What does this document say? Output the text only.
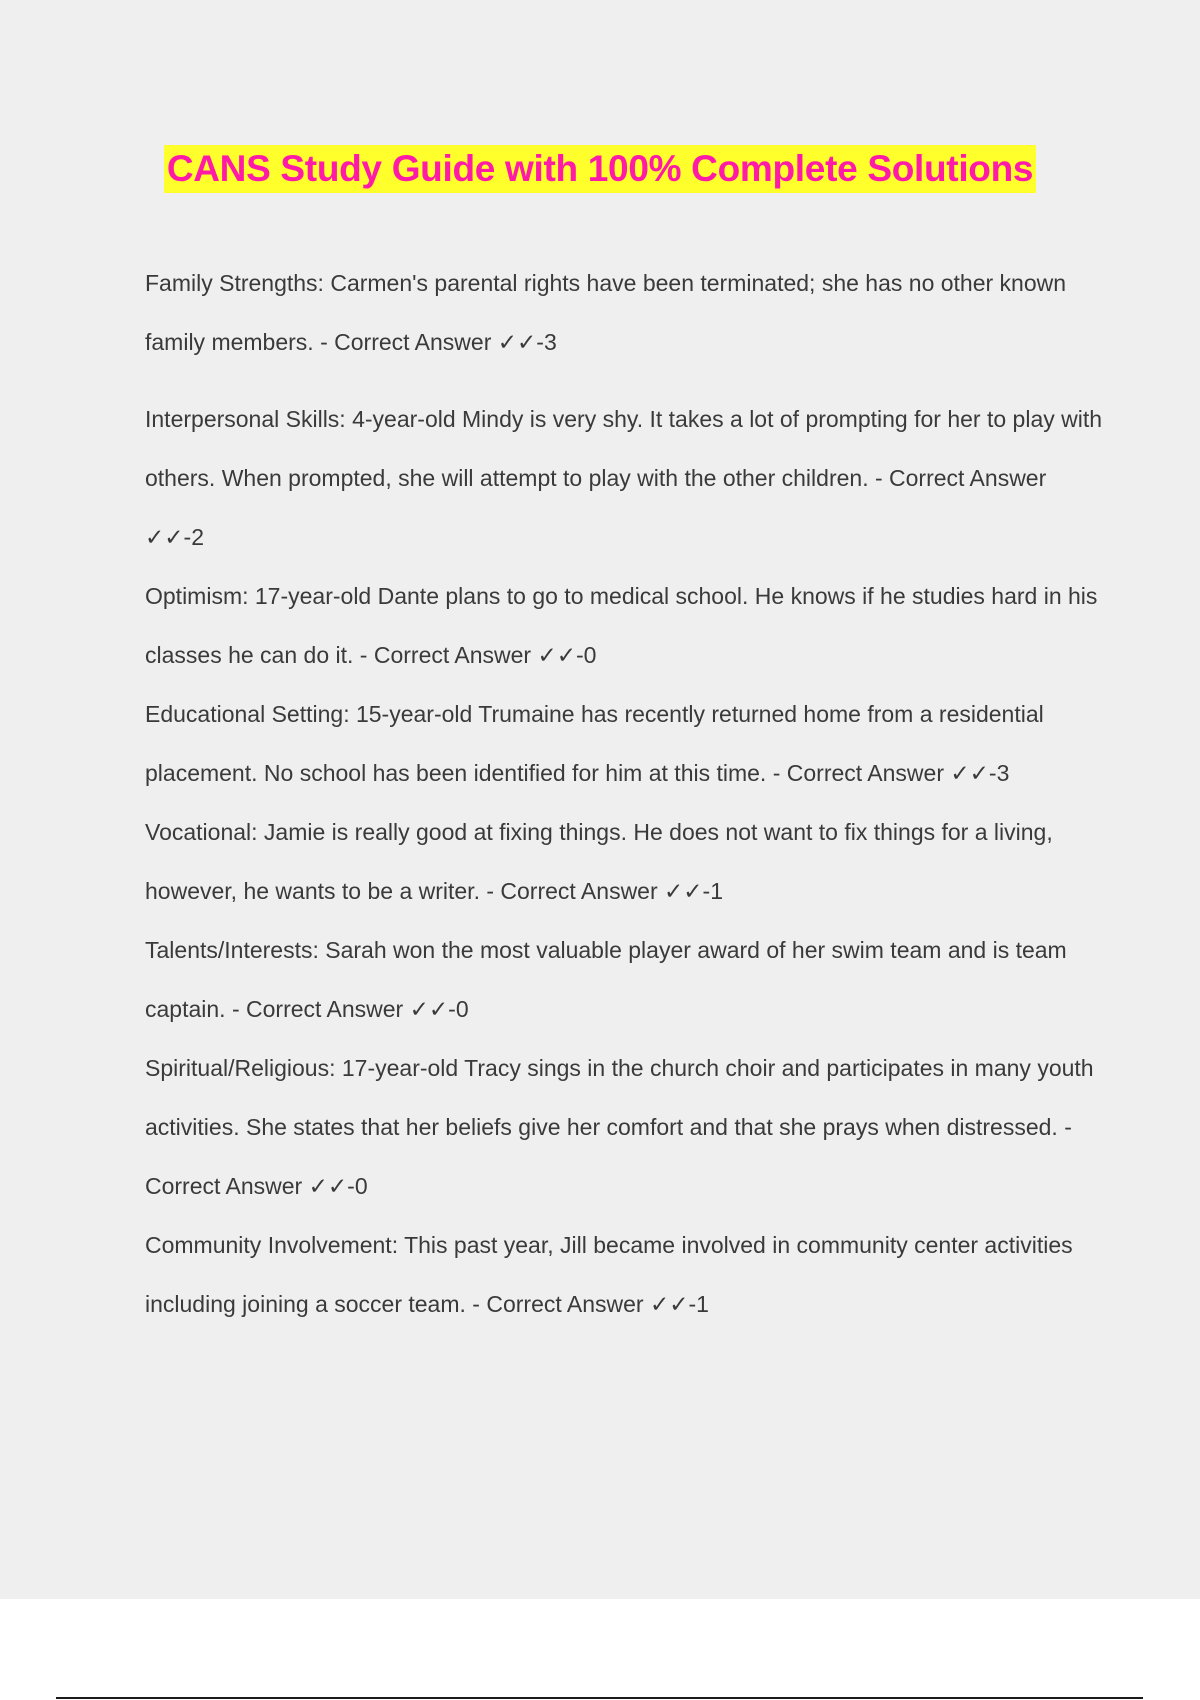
CANS Study Guide with 100% Complete Solutions

Family Strengths: Carmen's parental rights have been terminated; she has no other known family members. - Correct Answer ✓✓-3

Interpersonal Skills: 4-year-old Mindy is very shy. It takes a lot of prompting for her to play with others. When prompted, she will attempt to play with the other children. - Correct Answer ✓✓-2

Optimism: 17-year-old Dante plans to go to medical school. He knows if he studies hard in his classes he can do it. - Correct Answer ✓✓-0

Educational Setting: 15-year-old Trumaine has recently returned home from a residential placement. No school has been identified for him at this time. - Correct Answer ✓✓-3

Vocational: Jamie is really good at fixing things. He does not want to fix things for a living, however, he wants to be a writer. - Correct Answer ✓✓-1

Talents/Interests: Sarah won the most valuable player award of her swim team and is team captain. - Correct Answer ✓✓-0

Spiritual/Religious: 17-year-old Tracy sings in the church choir and participates in many youth activities. She states that her beliefs give her comfort and that she prays when distressed. - Correct Answer ✓✓-0

Community Involvement: This past year, Jill became involved in community center activities including joining a soccer team. - Correct Answer ✓✓-1
